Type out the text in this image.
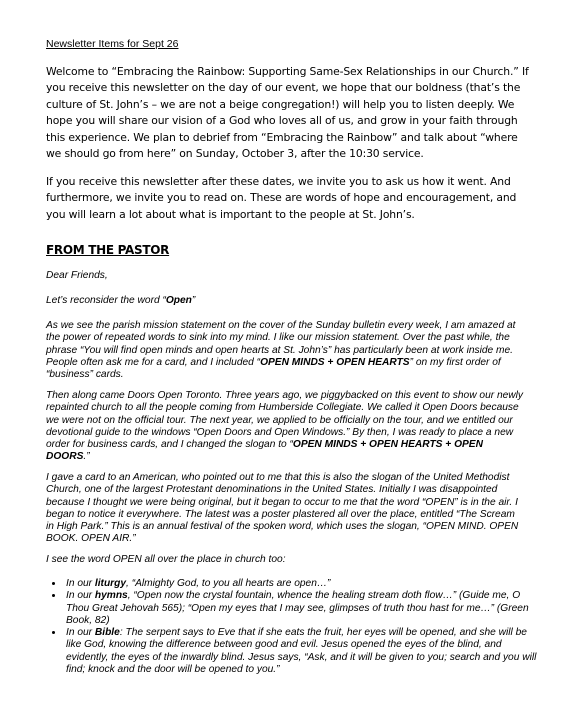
Newsletter Items for Sept 26

Welcome to “Embracing the Rainbow: Supporting Same-Sex Relationships in our Church.” If you receive this newsletter on the day of our event, we hope that our boldness (that’s the culture of St. John’s – we are not a beige congregation!) will help you to listen deeply. We hope you will share our vision of a God who loves all of us, and grow in your faith through this experience. We plan to debrief from “Embracing the Rainbow” and talk about “where we should go from here” on Sunday, October 3, after the 10:30 service.

If you receive this newsletter after these dates, we invite you to ask us how it went. And furthermore, we invite you to read on. These are words of hope and encouragement, and you will learn a lot about what is important to the people at St. John’s.

FROM THE PASTOR

Dear Friends,

Let’s reconsider the word “Open”

As we see the parish mission statement on the cover of the Sunday bulletin every week, I am amazed at the power of repeated words to sink into my mind. I like our mission statement. Over the past while, the phrase “You will find open minds and open hearts at St. John’s” has particularly been at work inside me. People often ask me for a card, and I included “OPEN MINDS + OPEN HEARTS” on my first order of “business” cards.

Then along came Doors Open Toronto. Three years ago, we piggybacked on this event to show our newly repainted church to all the people coming from Humberside Collegiate. We called it Open Doors because we were not on the official tour. The next year, we applied to be officially on the tour, and we entitled our devotional guide to the windows “Open Doors and Open Windows.” By then, I was ready to place a new order for business cards, and I changed the slogan to “OPEN MINDS + OPEN HEARTS + OPEN DOORS.”

I gave a card to an American, who pointed out to me that this is also the slogan of the United Methodist Church, one of the largest Protestant denominations in the United States. Initially I was disappointed because I thought we were being original, but it began to occur to me that the word “OPEN” is in the air. I began to notice it everywhere. The latest was a poster plastered all over the place, entitled “The Scream in High Park.” This is an annual festival of the spoken word, which uses the slogan, “OPEN MIND. OPEN BOOK. OPEN AIR.”

I see the word OPEN all over the place in church too:

• In our liturgy, “Almighty God, to you all hearts are open…”
• In our hymns, “Open now the crystal fountain, whence the healing stream doth flow…” (Guide me, O Thou Great Jehovah 565); “Open my eyes that I may see, glimpses of truth thou hast for me…” (Green Book, 82)
• In our Bible: The serpent says to Eve that if she eats the fruit, her eyes will be opened, and she will be like God, knowing the difference between good and evil. Jesus opened the eyes of the blind, and evidently, the eyes of the inwardly blind. Jesus says, “Ask, and it will be given to you; search and you will find; knock and the door will be opened to you.”
